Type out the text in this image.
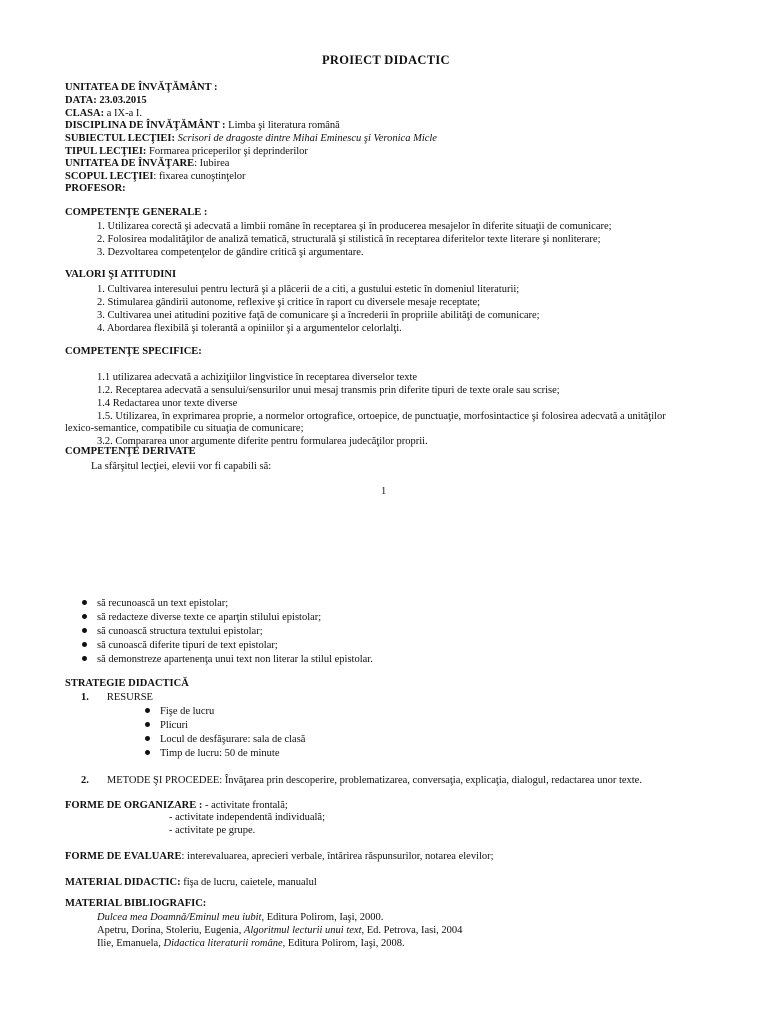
PROIECT DIDACTIC
UNITATEA DE ÎNVĂŢĂMÂNT :
DATA: 23.03.2015
CLASA: a IX-a I.
DISCIPLINA DE ÎNVĂŢĂMÂNT : Limba şi literatura română
SUBIECTUL LECŢIEI: Scrisori de dragoste dintre Mihai Eminescu şi Veronica Micle
TIPUL LECŢIEI: Formarea priceperilor şi deprinderilor
UNITATEA DE ÎNVĂŢARE: Iubirea
SCOPUL LECŢIEI: fixarea cunoştinţelor
PROFESOR:
COMPETENŢE GENERALE :
1. Utilizarea corectă şi adecvată a limbii române în receptarea şi în producerea mesajelor în diferite situaţii de comunicare;
2. Folosirea modalităţilor de analiză tematică, structurală şi stilistică în receptarea diferitelor texte literare şi nonliterare;
3. Dezvoltarea competenţelor de gândire critică şi argumentare.
VALORI ŞI ATITUDINI
1. Cultivarea interesului pentru lectură şi a plăcerii de a citi, a gustului estetic în domeniul literaturii;
2. Stimularea gândirii autonome, reflexive şi critice în raport cu diversele mesaje receptate;
3. Cultivarea unei atitudini pozitive faţă de comunicare şi a încrederii în propriile abilităţi de comunicare;
4. Abordarea flexibilă şi tolerantă a opiniilor şi a argumentelor celorlalţi.
COMPETENŢE SPECIFICE:
1.1 utilizarea adecvată a achiziţiilor lingvistice în receptarea diverselor texte
1.2. Receptarea adecvată a sensului/sensurilor unui mesaj transmis prin diferite tipuri de texte orale sau scrise;
1.4 Redactarea unor texte diverse
1.5. Utilizarea, în exprimarea proprie, a normelor ortografice, ortoepice, de punctuaţie, morfosintactice şi folosirea adecvată a unităţilor
lexico-semantice, compatibile cu situaţia de comunicare;
3.2. Compararea unor argumente diferite pentru formularea judecăţilor proprii.
COMPETENŢE DERIVATE
La sfârşitul lecţiei, elevii vor fi capabili să:
1
să recunoască un text epistolar;
să redacteze diverse texte ce aparţin stilului epistolar;
să cunoască structura textului epistolar;
să cunoască diferite tipuri de text epistolar;
să demonstreze apartenenţa unui text non literar la stilul epistolar.
STRATEGIE DIDACTICĂ
1. RESURSE
Fişe de lucru
Plicuri
Locul de desfăşurare: sala de clasă
Timp de lucru: 50 de minute
2. METODE ŞI PROCEDEE: Învăţarea prin descoperire, problematizarea, conversaţia, explicaţia, dialogul, redactarea unor texte.
FORME DE ORGANIZARE : - activitate frontală;
- activitate independentă individuală;
- activitate pe grupe.
FORME DE EVALUARE: interevaluarea, aprecieri verbale, întărirea răspunsurilor, notarea elevilor;
MATERIAL DIDACTIC: fişa de lucru, caietele, manualul
MATERIAL BIBLIOGRAFIC:
Dulcea mea Doamnă/Eminul meu iubit, Editura Polirom, Iaşi, 2000.
Apetru, Dorina, Stoleriu, Eugenia, Algoritmul lecturii unui text, Ed. Petrova, Iasi, 2004
Ilie, Emanuela, Didactica literaturii române, Editura Polirom, Iaşi, 2008.
